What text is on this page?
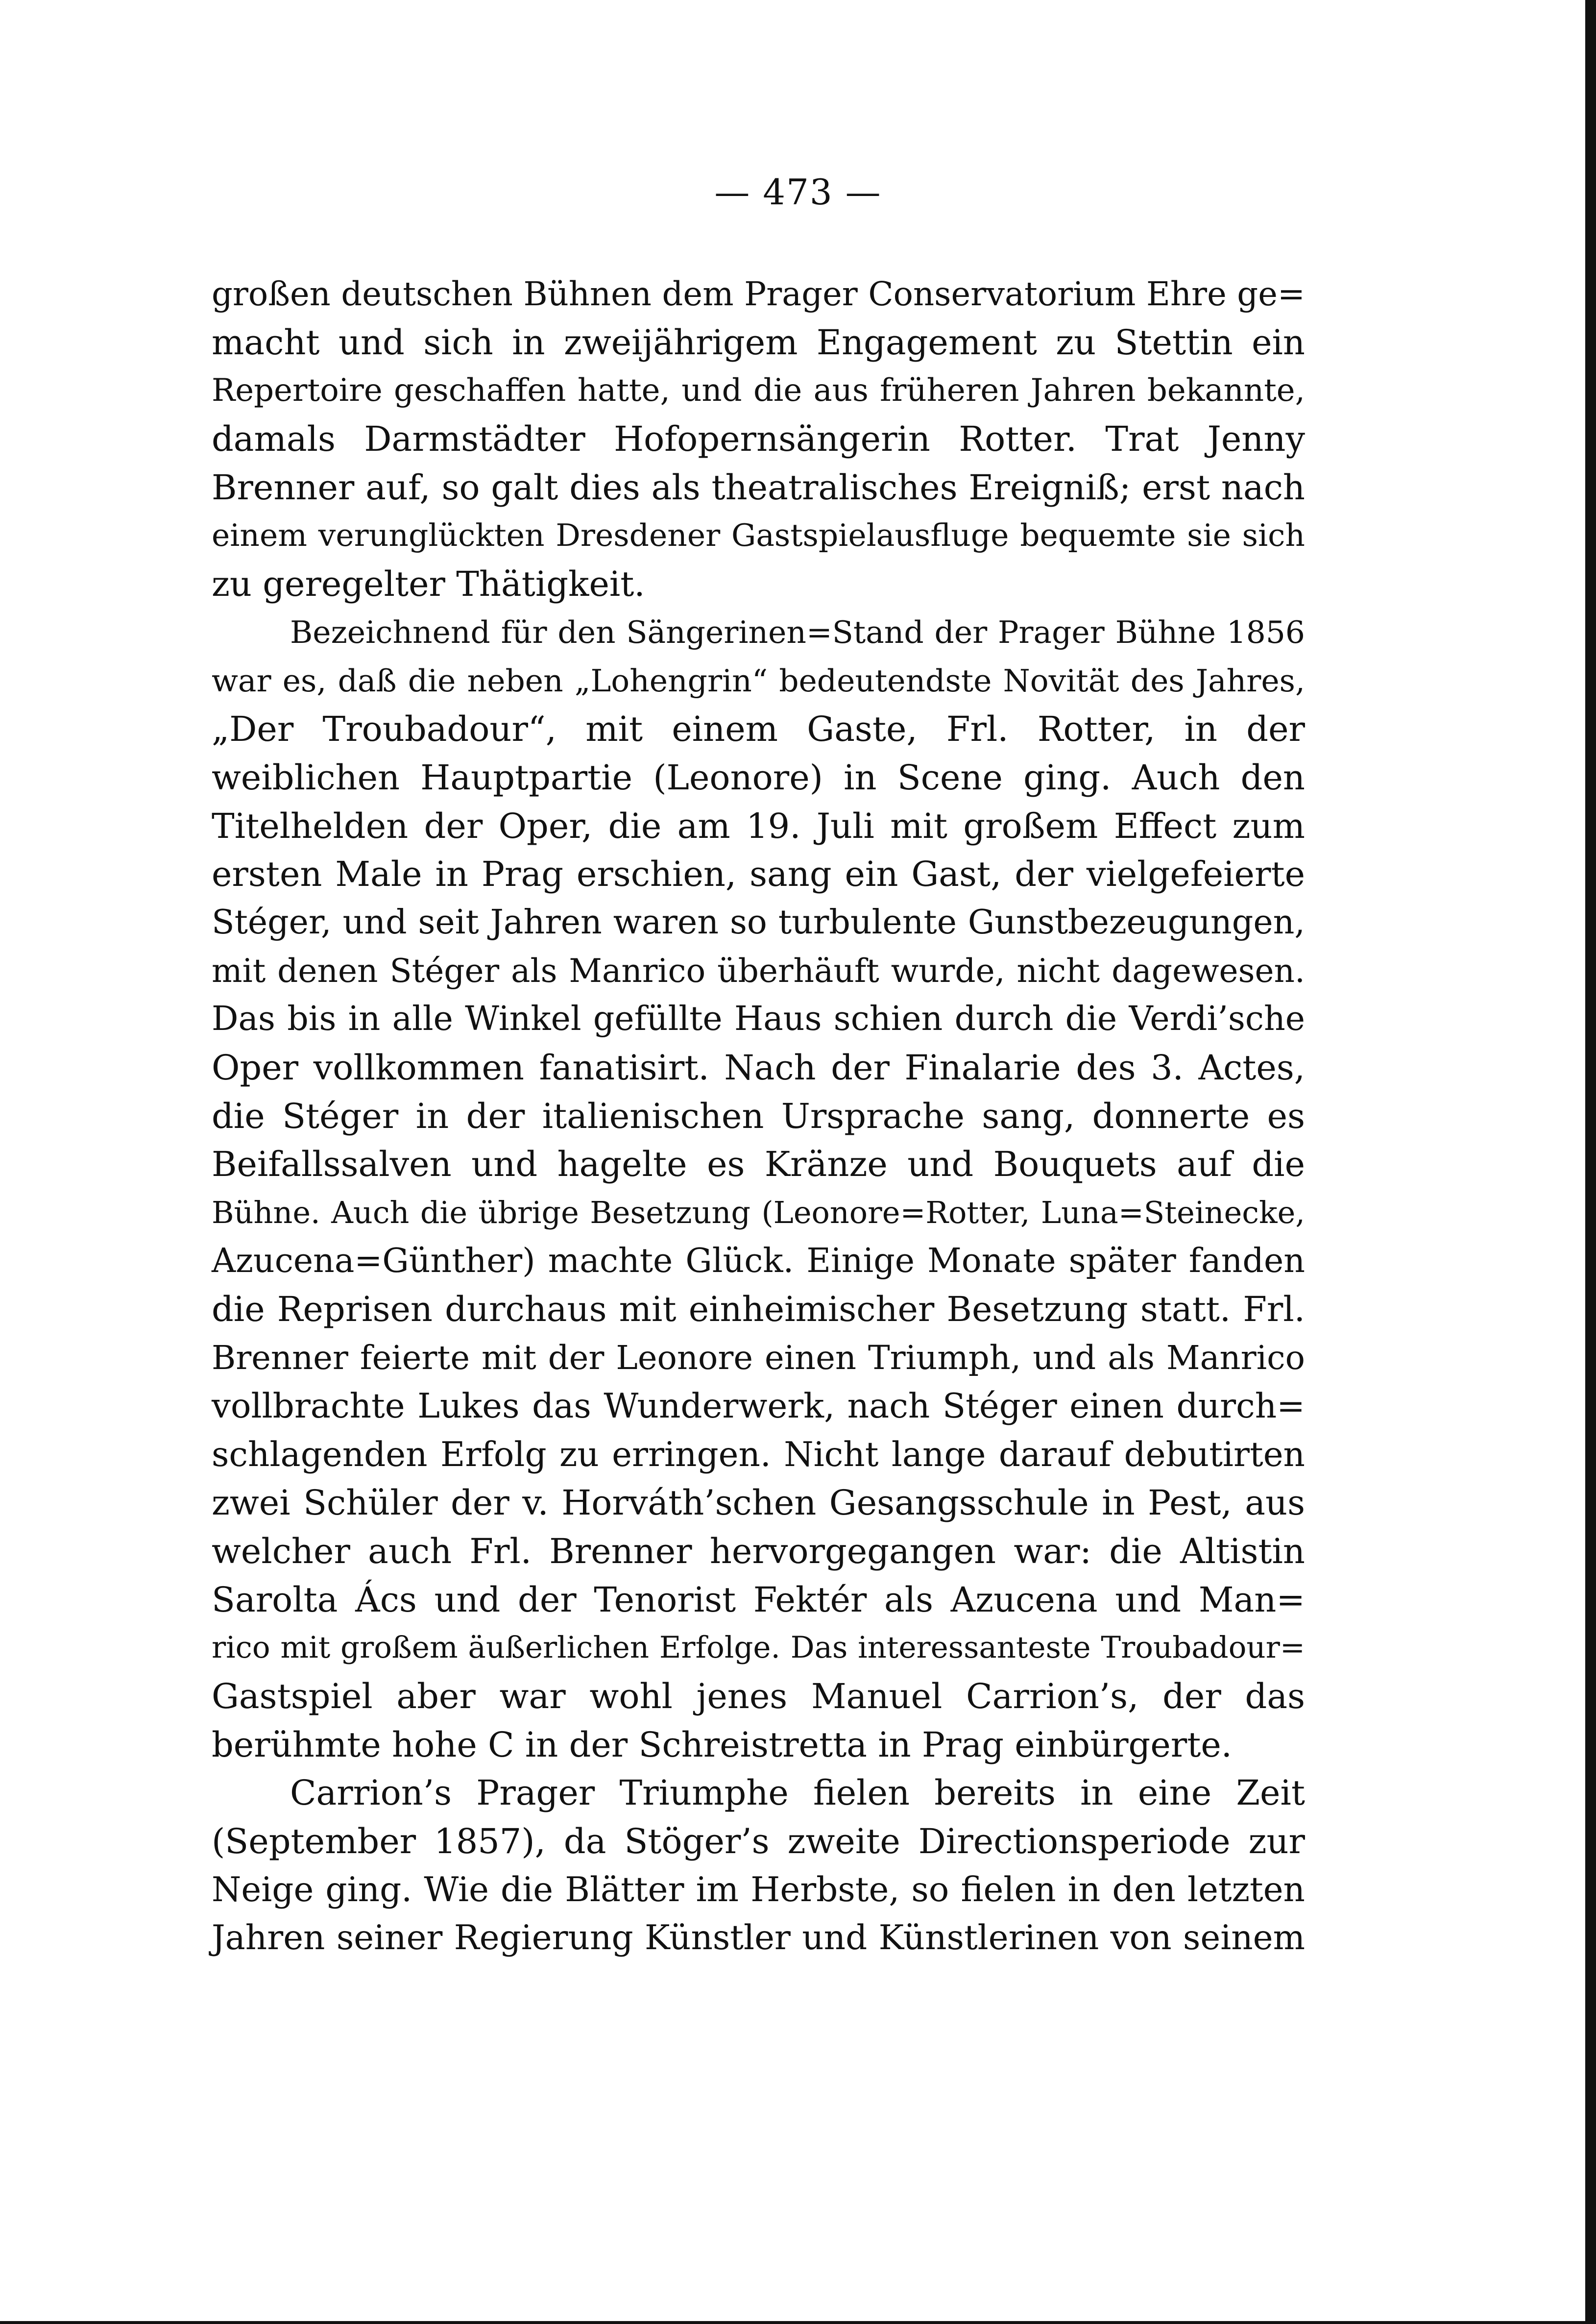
— 473 —
großen deutschen Bühnen dem Prager Conservatorium Ehre ge=
macht und sich in zweijährigem Engagement zu Stettin ein
Repertoire geschaffen hatte, und die aus früheren Jahren bekannte,
damals Darmstädter Hofopernsängerin Rotter. Trat Jenny
Brenner auf, so galt dies als theatralisches Ereigniß; erst nach
einem verunglückten Dresdener Gastspielausfluge bequemte sie sich
zu geregelter Thätigkeit.
Bezeichnend für den Sängerinen=Stand der Prager Bühne 1856
war es, daß die neben „Lohengrin“ bedeutendste Novität des Jahres,
„Der Troubadour“, mit einem Gaste, Frl. Rotter, in der
weiblichen Hauptpartie (Leonore) in Scene ging. Auch den
Titelhelden der Oper, die am 19. Juli mit großem Effect zum
ersten Male in Prag erschien, sang ein Gast, der vielgefeierte
Stéger, und seit Jahren waren so turbulente Gunstbezeugungen,
mit denen Stéger als Manrico überhäuft wurde, nicht dagewesen.
Das bis in alle Winkel gefüllte Haus schien durch die Verdi’sche
Oper vollkommen fanatisirt. Nach der Finalarie des 3. Actes,
die Stéger in der italienischen Ursprache sang, donnerte es
Beifallssalven und hagelte es Kränze und Bouquets auf die
Bühne. Auch die übrige Besetzung (Leonore=Rotter, Luna=Steinecke,
Azucena=Günther) machte Glück. Einige Monate später fanden
die Reprisen durchaus mit einheimischer Besetzung statt. Frl.
Brenner feierte mit der Leonore einen Triumph, und als Manrico
vollbrachte Lukes das Wunderwerk, nach Stéger einen durch=
schlagenden Erfolg zu erringen. Nicht lange darauf debutirten
zwei Schüler der v. Horváth’schen Gesangsschule in Pest, aus
welcher auch Frl. Brenner hervorgegangen war: die Altistin
Sarolta Ács und der Tenorist Fektér als Azucena und Man=
rico mit großem äußerlichen Erfolge. Das interessanteste Troubadour=
Gastspiel aber war wohl jenes Manuel Carrion’s, der das
berühmte hohe C in der Schreistretta in Prag einbürgerte.
Carrion’s Prager Triumphe fielen bereits in eine Zeit
(September 1857), da Stöger’s zweite Directionsperiode zur
Neige ging. Wie die Blätter im Herbste, so fielen in den letzten
Jahren seiner Regierung Künstler und Künstlerinen von seinem
